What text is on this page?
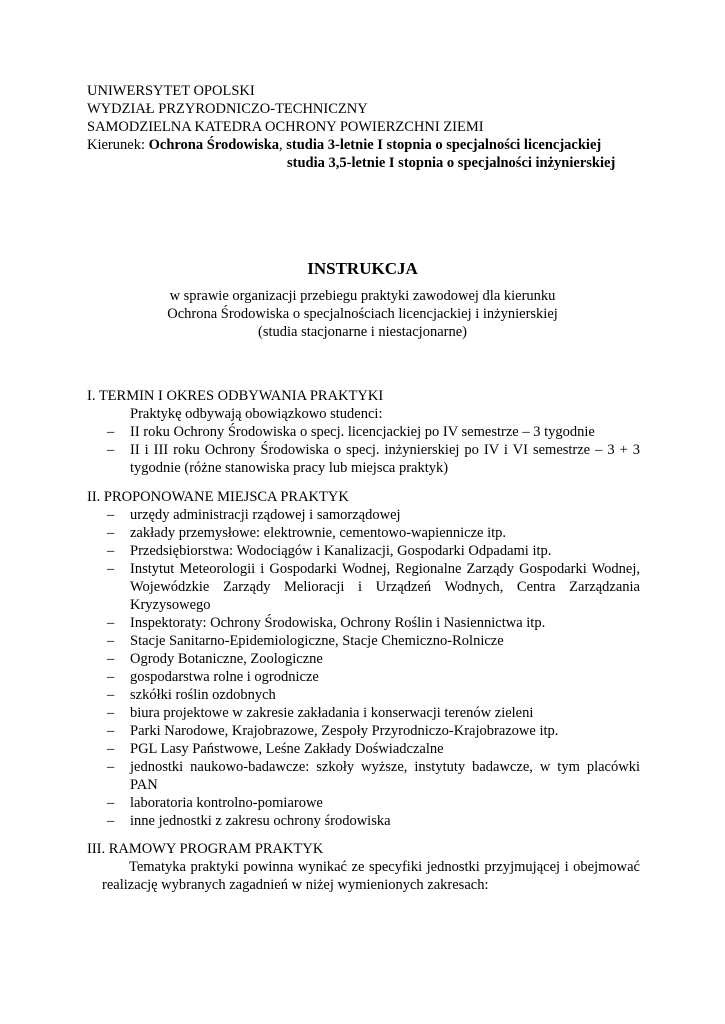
UNIWERSYTET OPOLSKI
WYDZIAŁ PRZYRODNICZO-TECHNICZNY
SAMODZIELNA KATEDRA OCHRONY POWIERZCHNI ZIEMI
Kierunek: Ochrona Środowiska, studia 3-letnie I stopnia o specjalności licencjackiej
studia 3,5-letnie I stopnia o specjalności inżynierskiej
INSTRUKCJA
w sprawie organizacji przebiegu praktyki zawodowej dla kierunku
Ochrona Środowiska o specjalnościach licencjackiej i inżynierskiej
(studia stacjonarne i niestacjonarne)
I. TERMIN I OKRES ODBYWANIA PRAKTYKI
Praktykę odbywają obowiązkowo studenci:
– II roku Ochrony Środowiska o specj. licencjackiej po IV semestrze – 3 tygodnie
– II i III roku Ochrony Środowiska o specj. inżynierskiej po IV i VI semestrze – 3 + 3 tygodnie (różne stanowiska pracy lub miejsca praktyk)
II. PROPONOWANE MIEJSCA PRAKTYK
– urzędy administracji rządowej i samorządowej
– zakłady przemysłowe: elektrownie, cementowo-wapiennicze itp.
– Przedsiębiorstwa: Wodociągów i Kanalizacji, Gospodarki Odpadami itp.
– Instytut Meteorologii i Gospodarki Wodnej, Regionalne Zarządy Gospodarki Wodnej, Wojewódzkie Zarządy Melioracji i Urządzeń Wodnych, Centra Zarządzania Kryzysowego
– Inspektoraty: Ochrony Środowiska, Ochrony Roślin i Nasiennictwa itp.
– Stacje Sanitarno-Epidemiologiczne, Stacje Chemiczno-Rolnicze
– Ogrody Botaniczne, Zoologiczne
– gospodarstwa rolne i ogrodnicze
– szkółki roślin ozdobnych
– biura projektowe w zakresie zakładania i konserwacji terenów zieleni
– Parki Narodowe, Krajobrazowe, Zespoły Przyrodniczo-Krajobrazowe itp.
– PGL Lasy Państwowe, Leśne Zakłady Doświadczalne
– jednostki naukowo-badawcze: szkoły wyższe, instytuty badawcze, w tym placówki PAN
– laboratoria kontrolno-pomiarowe
– inne jednostki z zakresu ochrony środowiska
III. RAMOWY PROGRAM PRAKTYK
Tematyka praktyki powinna wynikać ze specyfiki jednostki przyjmującej i obejmować realizację wybranych zagadnień w niżej wymienionych zakresach:
